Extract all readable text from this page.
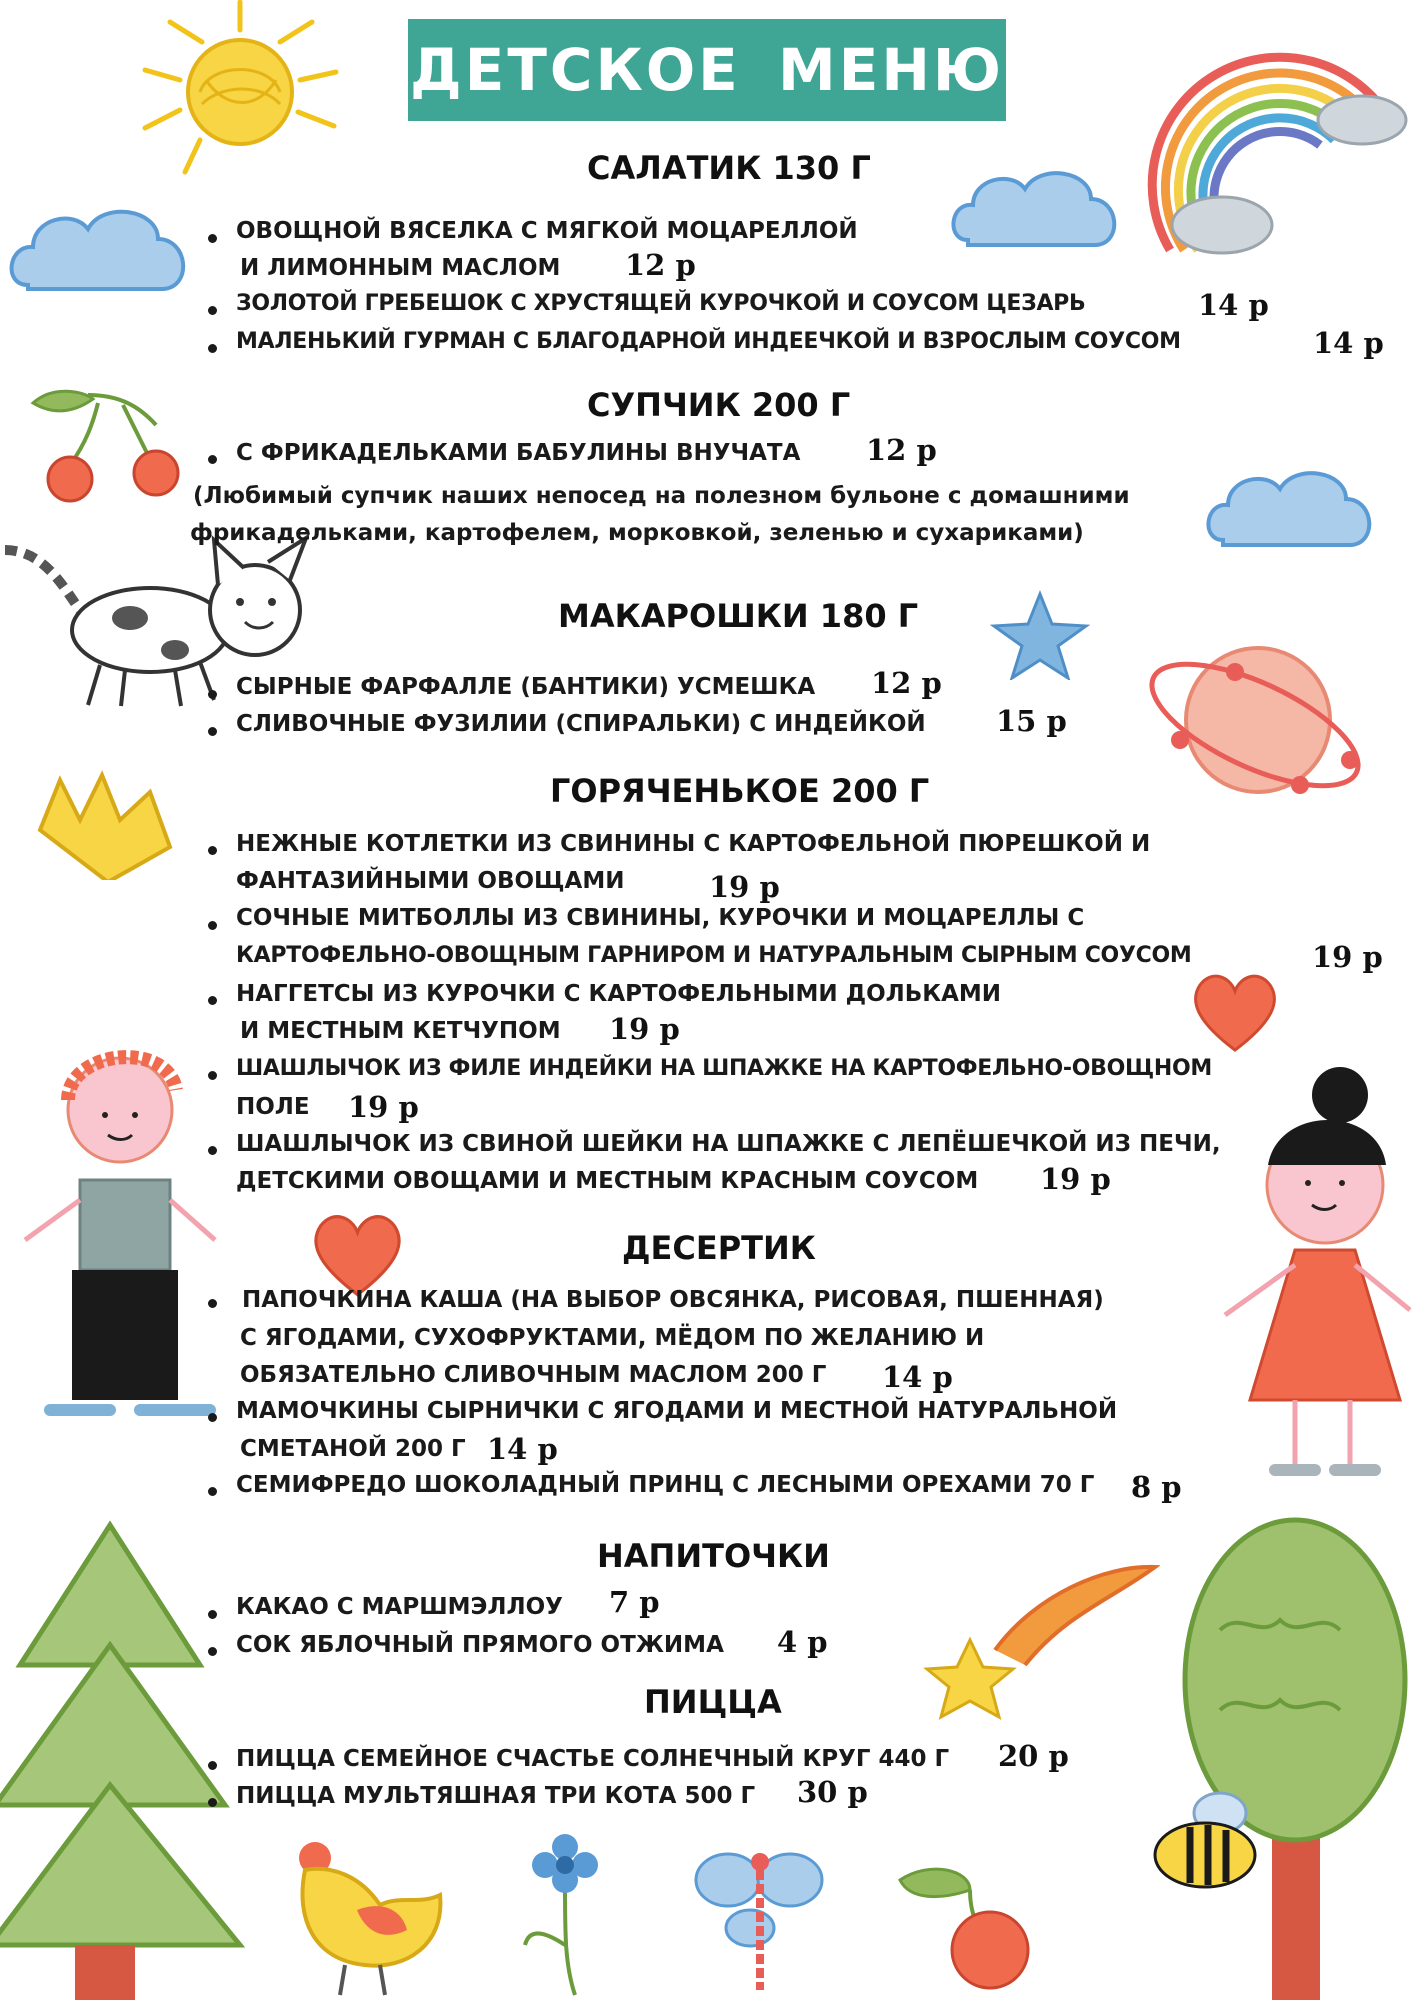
ДЕТСКОЕ МЕНЮ
САЛАТИК 130 Г
ОВОЩНОЙ ВЯСЕЛКА С МЯГКОЙ МОЦАРЕЛЛОЙ
И ЛИМОННЫМ МАСЛОМ 12 р
ЗОЛОТОЙ ГРЕБЕШОК С ХРУСТЯЩЕЙ КУРОЧКОЙ И СОУСОМ ЦЕЗАРЬ	14 р
МАЛЕНЬКИЙ ГУРМАН С БЛАГОДАРНОЙ ИНДЕЕЧКОЙ И ВЗРОСЛЫМ СОУСОМ	14 р
СУПЧИК 200 Г
С ФРИКАДЕЛЬКАМИ БАБУЛИНЫ ВНУЧАТА 12 р
(Любимый супчик наших непосед на полезном бульоне с домашними
фрикадельками, картофелем, морковкой, зеленью и сухариками)
МАКАРОШКИ 180 Г
СЫРНЫЕ ФАРФАЛЛЕ (БАНТИКИ) УСМЕШКА 12 р
СЛИВОЧНЫЕ ФУЗИЛИИ (СПИРАЛЬКИ) С ИНДЕЙКОЙ 15 р
ГОРЯЧЕНЬКОЕ 200 Г
НЕЖНЫЕ КОТЛЕТКИ ИЗ СВИНИНЫ С КАРТОФЕЛЬНОЙ ПЮРЕШКОЙ И
ФАНТАЗИЙНЫМИ ОВОЩАМИ	19 р
СОЧНЫЕ МИТБОЛЛЫ ИЗ СВИНИНЫ, КУРОЧКИ И МОЦАРЕЛЛЫ С
КАРТОФЕЛЬНО-ОВОЩНЫМ ГАРНИРОМ И НАТУРАЛЬНЫМ СЫРНЫМ СОУСОМ	19 р
НАГГЕТСЫ ИЗ КУРОЧКИ С КАРТОФЕЛЬНЫМИ ДОЛЬКАМИ
И МЕСТНЫМ КЕТЧУПОМ 19 р
ШАШЛЫЧОК ИЗ ФИЛЕ ИНДЕЙКИ НА ШПАЖКЕ НА КАРТОФЕЛЬНО-ОВОЩНОМ
ПОЛЕ 19 р
ШАШЛЫЧОК ИЗ СВИНОЙ ШЕЙКИ НА ШПАЖКЕ С ЛЕПЁШЕЧКОЙ ИЗ ПЕЧИ,
ДЕТСКИМИ ОВОЩАМИ И МЕСТНЫМ КРАСНЫМ СОУСОМ 19 р
ДЕСЕРТИК
ПАПОЧКИНА КАША (НА ВЫБОР ОВСЯНКА, РИСОВАЯ, ПШЕННАЯ)
С ЯГОДАМИ, СУХОФРУКТАМИ, МЁДОМ ПО ЖЕЛАНИЮ И
ОБЯЗАТЕЛЬНО СЛИВОЧНЫМ МАСЛОМ 200 Г 14 р
МАМОЧКИНЫ СЫРНИЧКИ С ЯГОДАМИ И МЕСТНОЙ НАТУРАЛЬНОЙ
СМЕТАНОЙ 200 Г 14 р
СЕМИФРЕДО ШОКОЛАДНЫЙ ПРИНЦ С ЛЕСНЫМИ ОРЕХАМИ 70 Г 8 р
НАПИТОЧКИ
КАКАО С МАРШМЭЛЛОУ 7 р
СОК ЯБЛОЧНЫЙ ПРЯМОГО ОТЖИМА 4 р
ПИЦЦА
ПИЦЦА СЕМЕЙНОЕ СЧАСТЬЕ СОЛНЕЧНЫЙ КРУГ 440 Г 20 р
ПИЦЦА МУЛЬТЯШНАЯ ТРИ КОТА 500 Г 30 р
